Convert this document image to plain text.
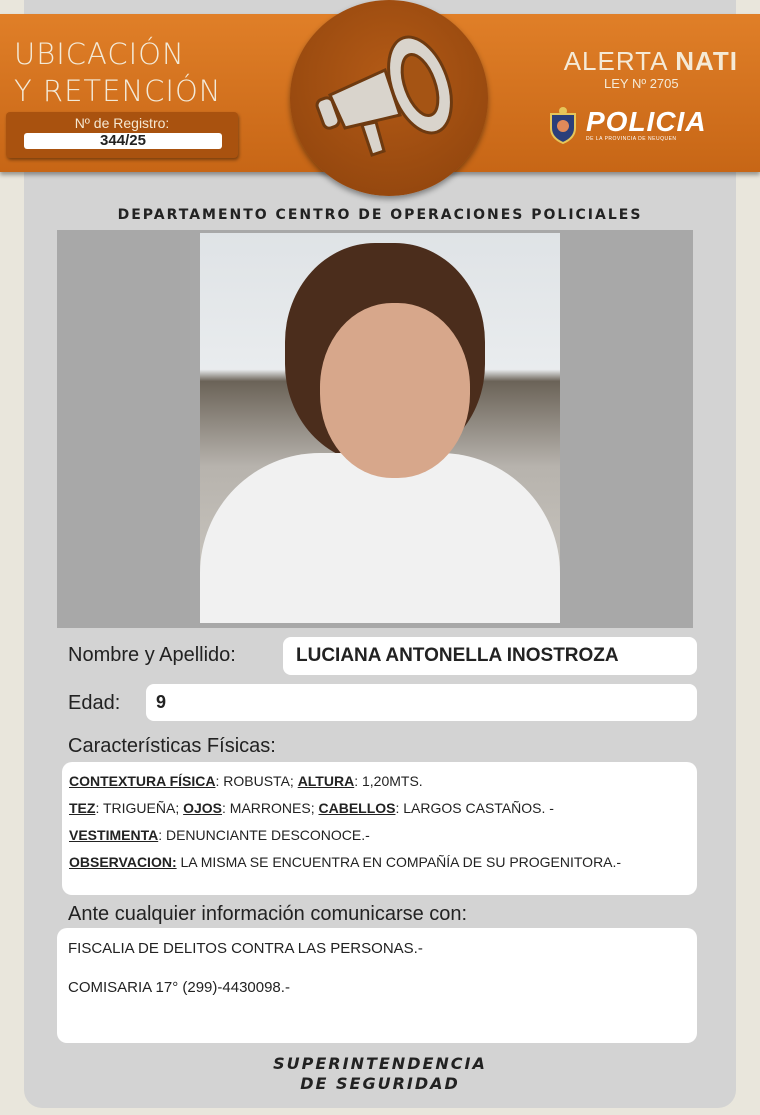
UBICACIÓN
Y RETENCIÓN
Nº de Registro:
344/25
ALERTA NATI
LEY Nº 2705
POLICIA
DE LA PROVINCIA DE NEUQUEN
DEPARTAMENTO CENTRO DE OPERACIONES POLICIALES
Nombre y Apellido:	LUCIANA ANTONELLA INOSTROZA
Edad: 9
Características Físicas:
CONTEXTURA FÍSICA: ROBUSTA; ALTURA: 1,20MTS.
TEZ: TRIGUEÑA; OJOS: MARRONES; CABELLOS: LARGOS CASTAÑOS. -
VESTIMENTA: DENUNCIANTE DESCONOCE.-
OBSERVACION: LA MISMA SE ENCUENTRA EN COMPAÑÍA DE SU PROGENITORA.-
Ante cualquier información comunicarse con:
FISCALIA DE DELITOS CONTRA LAS PERSONAS.-
COMISARIA 17° (299)-4430098.-
SUPERINTENDENCIA
DE SEGURIDAD
